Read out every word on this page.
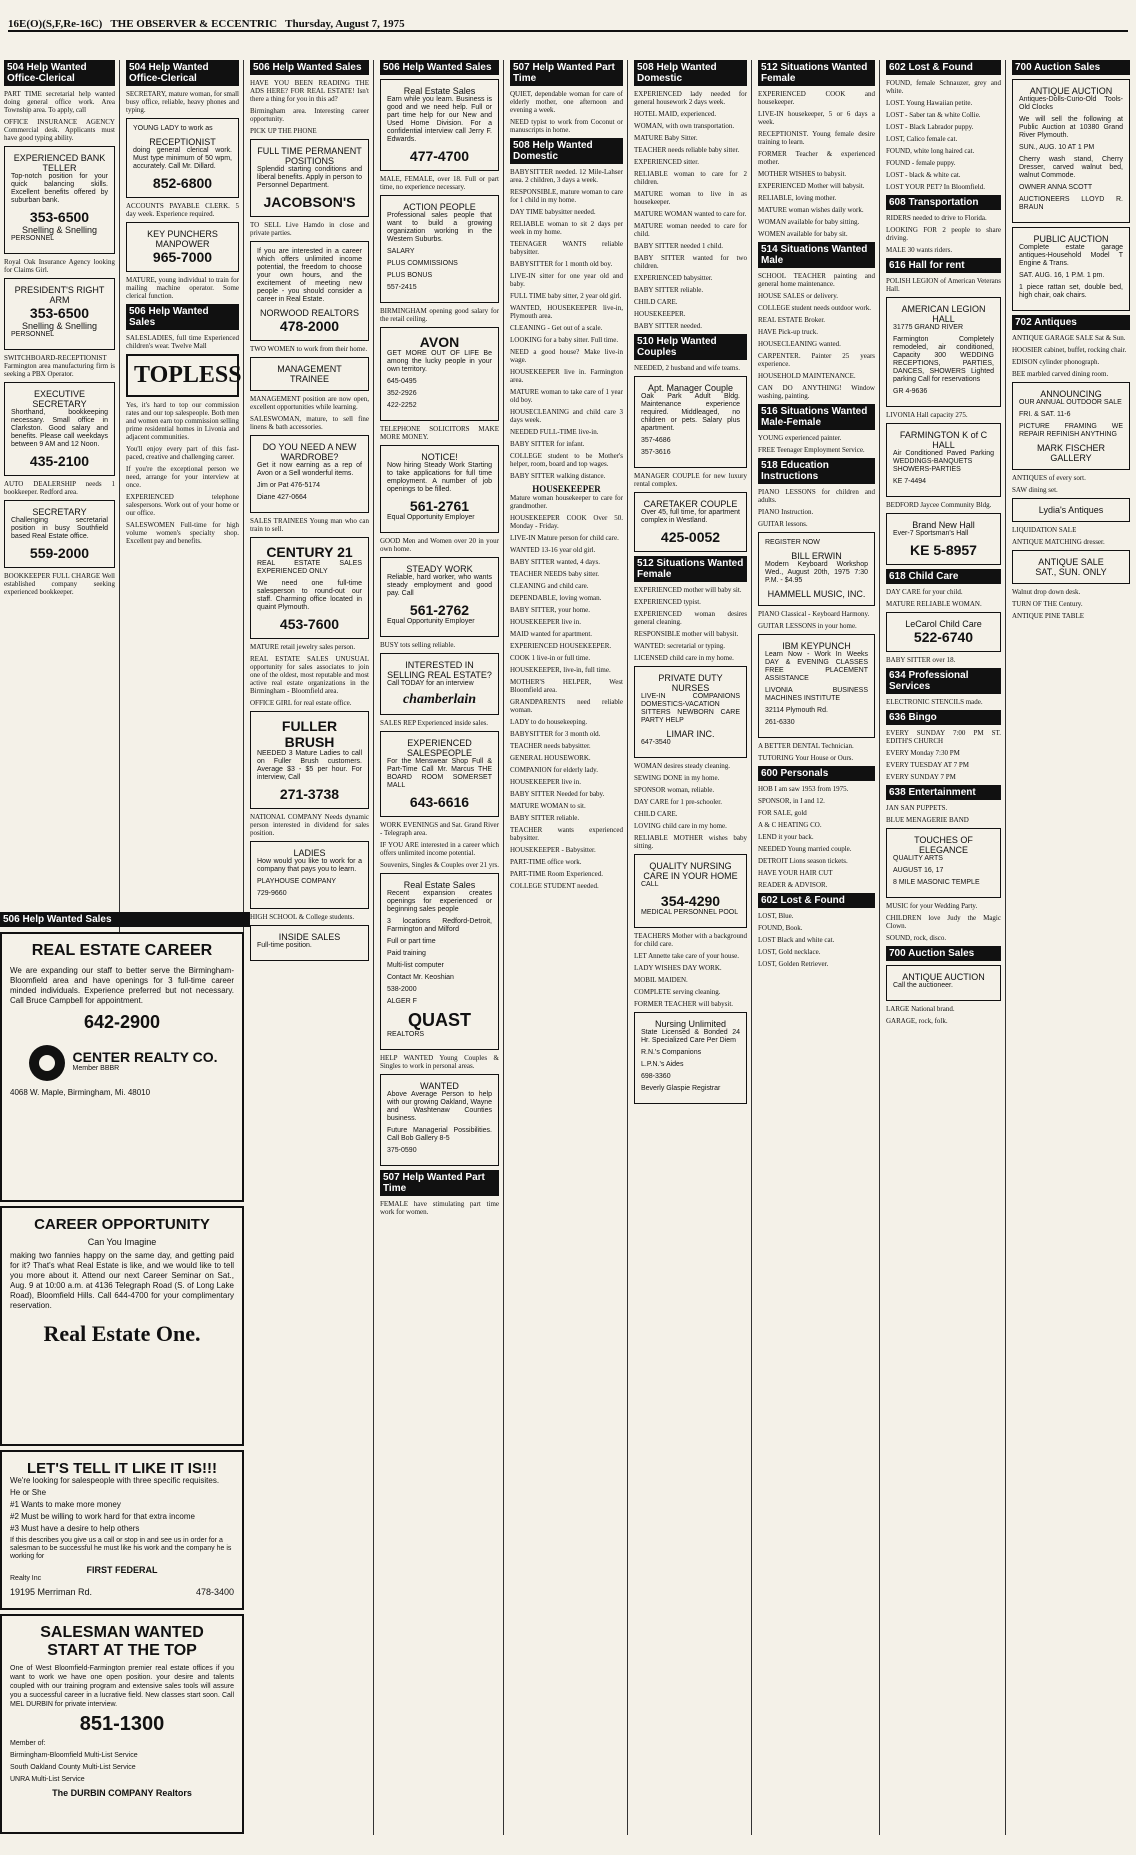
16E(O)(S,F,Re-16C) THE OBSERVER & ECCENTRIC Thursday, August 7, 1975
504 Help Wanted Office-Clerical
PART TIME secretarial help wanted doing general office work. Area Township area. To apply, call
OFFICE INSURANCE AGENCY Commercial desk. Applicants must have good typing ability.
EXPERIENCED BANK TELLER
Top-notch position for your quick balancing skills. Excellent benefits offered by suburban bank.
353-6500
Snelling & Snelling
PERSONNEL
Royal Oak Insurance Agency looking for Claims Girl.
PRESIDENT'S RIGHT ARM
353-6500
Snelling & Snelling
PERSONNEL
SWITCHBOARD-RECEPTIONIST Farmington area manufacturing firm is seeking a PBX Operator.
EXECUTIVE SECRETARY
Shorthand, bookkeeping necessary. Small office in Clarkston. Good salary and benefits. Please call weekdays between 9 AM and 12 Noon.
435-2100
AUTO DEALERSHIP needs 1 bookkeeper. Redford area.
SECRETARY
Challenging secretarial position in busy Southfield based Real Estate office.
559-2000
BOOKKEEPER FULL CHARGE Well established company seeking experienced bookkeeper.
504 Help Wanted Office-Clerical
SECRETARY, mature woman, for small busy office, reliable, heavy phones and typing.
YOUNG LADY to work as
RECEPTIONIST
doing general clerical work. Must type minimum of 50 wpm, accurately. Call Mr. Dillard.
852-6800
ACCOUNTS PAYABLE CLERK. 5 day week. Experience required.
KEY PUNCHERS
MANPOWER
965-7000
MATURE, young individual to train for mailing machine operator. Some clerical function.
506 Help Wanted Sales
SALESLADIES, full time Experienced children's wear. Twelve Mall
TOPLESS
Yes, it's hard to top our commission rates and our top salespeople. Both men and women earn top commission selling prime residential homes in Livonia and adjacent communities.
You'll enjoy every part of this fast-paced, creative and challenging career.
If you're the exceptional person we need, arrange for your interview at once.
EXPERIENCED telephone salespersons. Work out of your home or our office.
SALESWOMEN Full-time for high volume women's specialty shop. Excellent pay and benefits.
506 Help Wanted Sales
HAVE YOU BEEN READING THE ADS HERE? FOR REAL ESTATE! Isn't there a thing for you in this ad?
Birmingham area. Interesting career opportunity.
PICK UP THE PHONE
FULL TIME PERMANENT POSITIONS
Splendid starting conditions and liberal benefits. Apply in person to Personnel Department.
JACOBSON'S
TO SELL Live Hamdo in close and private parties.
If you are interested in a career which offers unlimited income potential, the freedom to choose your own hours, and the excitement of meeting new people - you should consider a career in Real Estate.
NORWOOD REALTORS
478-2000
TWO WOMEN to work from their home.
MANAGEMENT TRAINEE
MANAGEMENT position are now open, excellent opportunities while learning.
SALESWOMAN, mature, to sell fine linens & bath accessories.
DO YOU NEED A NEW WARDROBE?
Get it now earning as a rep of Avon or a Sell wonderful items.
Jim or Pat 476-5174
Diane 427-0664
SALES TRAINEES Young man who can train to sell.
CENTURY 21
REAL ESTATE SALES EXPERIENCED ONLY
We need one full-time salesperson to round-out our staff. Charming office located in quaint Plymouth.
453-7600
MATURE retail jewelry sales person.
REAL ESTATE SALES UNUSUAL opportunity for sales associates to join one of the oldest, most reputable and most active real estate organizations in the Birmingham - Bloomfield area.
OFFICE GIRL for real estate office.
FULLER BRUSH
NEEDED 3 Mature Ladies to call on Fuller Brush customers. Average $3 - $5 per hour. For interview, Call
271-3738
NATIONAL COMPANY Needs dynamic person interested in dividend for sales position.
LADIES
How would you like to work for a company that pays you to learn.
PLAYHOUSE COMPANY
729-9660
HIGH SCHOOL & College students.
INSIDE SALES
Full-time position.
506 Help Wanted Sales
Real Estate Sales
Earn while you learn. Business is good and we need help. Full or part time help for our New and Used Home Division. For a confidential interview call Jerry F. Edwards.
477-4700
MALE, FEMALE, over 18. Full or part time, no experience necessary.
ACTION PEOPLE
Professional sales people that want to build a growing organization working in the Western Suburbs.
SALARY
PLUS COMMISSIONS
PLUS BONUS
557-2415
BIRMINGHAM opening good salary for the retail ceiling.
AVON
GET MORE OUT OF LIFE Be among the lucky people in your own territory.
645-0495
352-2926
422-2252
TELEPHONE SOLICITORS MAKE MORE MONEY.
NOTICE!
Now hiring Steady Work Starting to take applications for full time employment. A number of job openings to be filled.
561-2761
Equal Opportunity Employer
GOOD Men and Women over 20 in your own home.
STEADY WORK
Reliable, hard worker, who wants steady employment and good pay. Call
561-2762
Equal Opportunity Employer
BUSY tots selling reliable.
INTERESTED IN SELLING REAL ESTATE?
Call TODAY for an interview
chamberlain
SALES REP Experienced inside sales.
EXPERIENCED SALESPEOPLE
For the Menswear Shop Full & Part-Time Call Mr. Marcus THE BOARD ROOM SOMERSET MALL
643-6616
WORK EVENINGS and Sat. Grand River - Telegraph area.
IF YOU ARE interested in a career which offers unlimited income potential.
Souvenirs, Singles & Couples over 21 yrs.
Real Estate Sales
Recent expansion creates openings for experienced or beginning sales people
3 locations Redford-Detroit, Farmington and Milford
Full or part time
Paid training
Multi-list computer
Contact Mr. Keoshian
538-2000
ALGER F
QUAST
REALTORS
HELP WANTED Young Couples & Singles to work in personal areas.
WANTED
Above Average Person to help with our growing Oakland, Wayne and Washtenaw Counties business.
Future Managerial Possibilities. Call Bob Gallery 8-5
375-0590
507 Help Wanted Part Time
FEMALE have stimulating part time work for women.
507 Help Wanted Part Time
QUIET, dependable woman for care of elderly mother, one afternoon and evening a week.
NEED typist to work from Coconut or manuscripts in home.
508 Help Wanted Domestic
BABYSITTER needed. 12 Mile-Lahser area. 2 children, 3 days a week.
RESPONSIBLE, mature woman to care for 1 child in my home.
DAY TIME babysitter needed.
RELIABLE woman to sit 2 days per week in my home.
TEENAGER WANTS reliable babysitter.
BABYSITTER for 1 month old boy.
LIVE-IN sitter for one year old and baby.
FULL TIME baby sitter, 2 year old girl.
WANTED, HOUSEKEEPER live-in, Plymouth area.
CLEANING - Get out of a scale.
LOOKING for a baby sitter. Full time.
NEED a good house? Make live-in wage.
HOUSEKEEPER live in. Farmington area.
MATURE woman to take care of 1 year old boy.
HOUSECLEANING and child care 3 days week.
NEEDED FULL-TIME live-in.
BABY SITTER for infant.
COLLEGE student to be Mother's helper, room, board and top wages.
BABY SITTER walking distance.
HOUSEKEEPER
Mature woman housekeeper to care for grandmother.
HOUSEKEEPER COOK Over 50. Monday - Friday.
LIVE-IN Mature person for child care.
WANTED 13-16 year old girl.
BABY SITTER wanted, 4 days.
TEACHER NEEDS baby sitter.
CLEANING and child care.
DEPENDABLE, loving woman.
BABY SITTER, your home.
HOUSEKEEPER live in.
MAID wanted for apartment.
EXPERIENCED HOUSEKEEPER.
COOK 1 live-in or full time.
HOUSEKEEPER, live-in, full time.
MOTHER'S HELPER, West Bloomfield area.
GRANDPARENTS need reliable woman.
LADY to do housekeeping.
BABYSITTER for 3 month old.
TEACHER needs babysitter.
GENERAL HOUSEWORK.
COMPANION for elderly lady.
HOUSEKEEPER live in.
BABY SITTER Needed for baby.
MATURE WOMAN to sit.
BABY SITTER reliable.
TEACHER wants experienced babysitter.
HOUSEKEEPER - Babysitter.
PART-TIME office work.
PART-TIME Room Experienced.
COLLEGE STUDENT needed.
508 Help Wanted Domestic
EXPERIENCED lady needed for general housework 2 days week.
HOTEL MAID, experienced.
WOMAN, with own transportation.
MATURE Baby Sitter.
TEACHER needs reliable baby sitter.
EXPERIENCED sitter.
RELIABLE woman to care for 2 children.
MATURE woman to live in as housekeeper.
MATURE WOMAN wanted to care for.
MATURE woman needed to care for child.
BABY SITTER needed 1 child.
BABY SITTER wanted for two children.
EXPERIENCED babysitter.
BABY SITTER reliable.
CHILD CARE.
HOUSEKEEPER.
BABY SITTER needed.
510 Help Wanted Couples
NEEDED, 2 husband and wife teams.
Apt. Manager Couple
Oak Park Adult Bldg. Maintenance experience required. Middleaged, no children or pets. Salary plus apartment.
357-4686
357-3616
MANAGER COUPLE for new luxury rental complex.
CARETAKER COUPLE
Over 45, full time, for apartment complex in Westland.
425-0052
512 Situations Wanted Female
EXPERIENCED mother will baby sit.
EXPERIENCED typist.
EXPERIENCED woman desires general cleaning.
RESPONSIBLE mother will babysit.
WANTED: secretarial or typing.
LICENSED child care in my home.
PRIVATE DUTY NURSES
LIVE-IN COMPANIONS DOMESTICS-VACATION SITTERS NEWBORN CARE PARTY HELP
LIMAR INC.
647-3540
WOMAN desires steady cleaning.
SEWING DONE in my home.
SPONSOR woman, reliable.
DAY CARE for 1 pre-schooler.
CHILD CARE.
LOVING child care in my home.
RELIABLE MOTHER wishes baby sitting.
QUALITY NURSING CARE IN YOUR HOME
CALL
354-4290
MEDICAL PERSONNEL POOL
TEACHERS Mother with a background for child care.
LET Annette take care of your house.
LADY WISHES DAY WORK.
MOBIL MAIDEN.
COMPLETE serving cleaning.
FORMER TEACHER will babysit.
Nursing Unlimited
State Licensed & Bonded 24 Hr. Specialized Care Per Diem
R.N.'s Companions
L.P.N.'s Aides
698-3360
Beverly Glaspie Registrar
512 Situations Wanted Female
EXPERIENCED COOK and housekeeper.
LIVE-IN housekeeper, 5 or 6 days a week.
RECEPTIONIST. Young female desire training to learn.
FORMER Teacher & experienced mother.
MOTHER WISHES to babysit.
EXPERIENCED Mother will babysit.
RELIABLE, loving mother.
MATURE woman wishes daily work.
WOMAN available for baby sitting.
WOMEN available for baby sit.
514 Situations Wanted Male
SCHOOL TEACHER painting and general home maintenance.
HOUSE SALES or delivery.
COLLEGE student needs outdoor work.
REAL ESTATE Broker.
HAVE Pick-up truck.
HOUSECLEANING wanted.
CARPENTER. Painter 25 years experience.
HOUSEHOLD MAINTENANCE.
CAN DO ANYTHING! Window washing, painting.
516 Situations Wanted Male-Female
YOUNG experienced painter.
FREE Teenager Employment Service.
518 Education Instructions
PIANO LESSONS for children and adults.
PIANO Instruction.
GUITAR lessons.
REGISTER NOW
BILL ERWIN
Modern Keyboard Workshop Wed., August 20th, 1975 7:30 P.M. - $4.95
HAMMELL MUSIC, INC.
PIANO Classical - Keyboard Harmony.
GUITAR LESSONS in your home.
IBM KEYPUNCH
Learn Now - Work In Weeks DAY & EVENING CLASSES FREE PLACEMENT ASSISTANCE
LIVONIA BUSINESS MACHINES INSTITUTE
32114 Plymouth Rd.
261-6330
A BETTER DENTAL Technician.
TUTORING Your House or Ours.
600 Personals
HOB I am saw 1953 from 1975.
SPONSOR, in I and 12.
FOR SALE, gold
A & C HEATING CO.
LEND it your back.
NEEDED Young married couple.
DETROIT Lions season tickets.
HAVE YOUR HAIR CUT
READER & ADVISOR.
602 Lost & Found
LOST, Blue.
FOUND, Book.
LOST Black and white cat.
LOST, Gold necklace.
LOST, Golden Retriever.
602 Lost & Found
FOUND, female Schnauzer, grey and white.
LOST. Young Hawaiian petite.
LOST - Saber tan & white Collie.
LOST - Black Labrador puppy.
LOST, Calico female cat.
FOUND, white long haired cat.
FOUND - female puppy.
LOST - black & white cat.
LOST YOUR PET? In Bloomfield.
608 Transportation
RIDERS needed to drive to Florida.
LOOKING FOR 2 people to share driving.
MALE 30 wants riders.
616 Hall for rent
POLISH LEGION of American Veterans Hall.
AMERICAN LEGION HALL
31775 GRAND RIVER
Farmington Completely remodeled, air conditioned, Capacity 300 WEDDING RECEPTIONS, PARTIES, DANCES, SHOWERS Lighted parking Call for reservations
GR 4-9636
LIVONIA Hall capacity 275.
FARMINGTON K of C HALL
Air Conditioned Paved Parking WEDDINGS-BANQUETS SHOWERS-PARTIES
KE 7-4494
BEDFORD Jaycee Community Bldg.
Brand New Hall
Ever-7 Sportsman's Hall
KE 5-8957
618 Child Care
DAY CARE for your child.
MATURE RELIABLE WOMAN.
LeCarol Child Care
522-6740
BABY SITTER over 18.
634 Professional Services
ELECTRONIC STENCILS made.
636 Bingo
EVERY SUNDAY 7:00 PM ST. EDITH'S CHURCH
EVERY Monday 7:30 PM
EVERY TUESDAY AT 7 PM
EVERY SUNDAY 7 PM
638 Entertainment
JAN SAN PUPPETS.
BLUE MENAGERIE BAND
TOUCHES OF ELEGANCE
QUALITY ARTS
AUGUST 16, 17
8 MILE MASONIC TEMPLE
MUSIC for your Wedding Party.
CHILDREN love Judy the Magic Clown.
SOUND, rock, disco.
700 Auction Sales
ANTIQUE AUCTION
Call the auctioneer.
LARGE National brand.
GARAGE, rock, folk.
700 Auction Sales
ANTIQUE AUCTION
Antiques-Dolls-Curio-Old Tools-Old Clocks
We will sell the following at Public Auction at 10380 Grand River Plymouth.
SUN., AUG. 10 AT 1 PM
Cherry wash stand, Cherry Dresser, carved walnut bed, walnut Commode.
OWNER ANNA SCOTT
AUCTIONEERS LLOYD R. BRAUN
PUBLIC AUCTION
Complete estate garage antiques-Household Model T Engine & Trans.
SAT. AUG. 16, 1 P.M. 1 pm.
1 piece rattan set, double bed, high chair, oak chairs.
702 Antiques
ANTIQUE GARAGE SALE Sat & Sun.
HOOSIER cabinet, buffet, rocking chair.
EDISON cylinder phonograph.
BEE marbled carved dining room.
ANNOUNCING
OUR ANNUAL OUTDOOR SALE
FRI. & SAT. 11-6
PICTURE FRAMING WE REPAIR REFINISH ANYTHING
MARK FISCHER GALLERY
ANTIQUES of every sort.
SAW dining set.
Lydia's Antiques
LIQUIDATION SALE
ANTIQUE MATCHING dresser.
ANTIQUE SALE
SAT., SUN. ONLY
Walnut drop down desk.
TURN OF THE Century.
ANTIQUE PINE TABLE
506 Help Wanted Sales
REAL ESTATE CAREER
We are expanding our staff to better serve the Birmingham-Bloomfield area and have openings for 3 full-time career minded individuals. Experience preferred but not necessary. Call Bruce Campbell for appointment.
642-2900
CENTER REALTY CO.
Member BBBR
4068 W. Maple, Birmingham, Mi. 48010
CAREER OPPORTUNITY
Can You Imagine
making two fannies happy on the same day, and getting paid for it? That's what Real Estate is like, and we would like to tell you more about it. Attend our next Career Seminar on Sat., Aug. 9 at 10:00 a.m. at 4136 Telegraph Road (S. of Long Lake Road), Bloomfield Hills. Call 644-4700 for your complimentary reservation.
Real Estate One.
LET'S TELL IT LIKE IT IS!!!
We're looking for salespeople with three specific requisites.
He or She
#1 Wants to make more money
#2 Must be willing to work hard for that extra income
#3 Must have a desire to help others
If this describes you give us a call or stop in and see us in order for a salesman to be successful he must like his work and the company he is working for
FIRST FEDERAL
Realty Inc
19195 Merriman Rd.	478-3400
SALESMAN WANTED
START AT THE TOP
One of West Bloomfield-Farmington premier real estate offices if you want to work we have one open position. your desire and talents coupled with our training program and extensive sales tools will assure you a successful career in a lucrative field. New classes start soon. Call MEL DURBIN for private interview.
851-1300
Member of:
Birmingham-Bloomfield Multi-List Service
South Oakland County Multi-List Service
UNRA Multi-List Service
The DURBIN COMPANY Realtors
